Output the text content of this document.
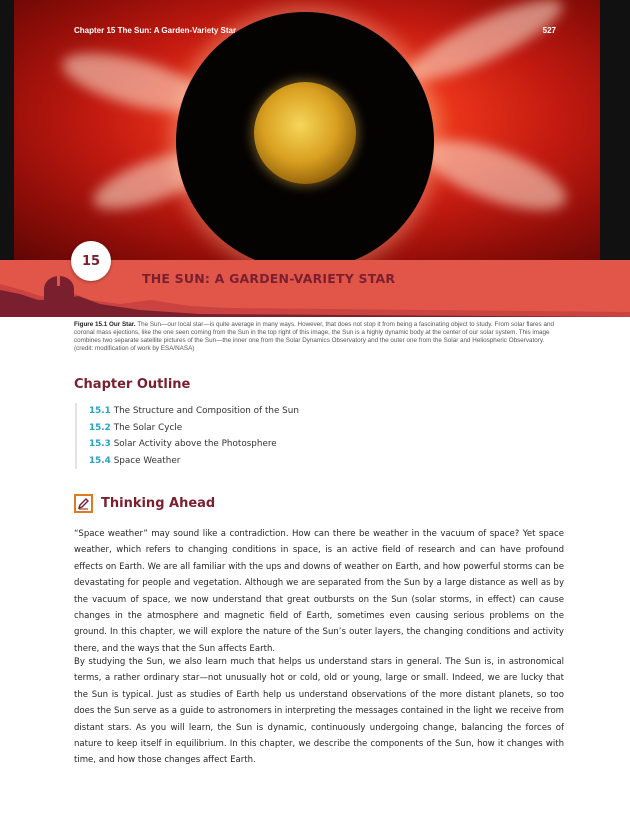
Chapter 15 The Sun: A Garden-Variety Star	527
15
THE SUN: A GARDEN-VARIETY STAR
Figure 15.1 Our Star. The Sun—our local star—is quite average in many ways. However, that does not stop it from being a fascinating object to study. From solar flares and coronal mass ejections, like the one seen coming from the Sun in the top right of this image, the Sun is a highly dynamic body at the center of our solar system. This image combines two separate satellite pictures of the Sun—the inner one from the Solar Dynamics Observatory and the outer one from the Solar and Heliospheric Observatory. (credit: modification of work by ESA/NASA)
Chapter Outline
15.1 The Structure and Composition of the Sun
15.2 The Solar Cycle
15.3 Solar Activity above the Photosphere
15.4 Space Weather
Thinking Ahead

“Space weather” may sound like a contradiction. How can there be weather in the vacuum of space? Yet space weather, which refers to changing conditions in space, is an active field of research and can have profound effects on Earth. We are all familiar with the ups and downs of weather on Earth, and how powerful storms can be devastating for people and vegetation. Although we are separated from the Sun by a large distance as well as by the vacuum of space, we now understand that great outbursts on the Sun (solar storms, in effect) can cause changes in the atmosphere and magnetic field of Earth, sometimes even causing serious problems on the ground. In this chapter, we will explore the nature of the Sun’s outer layers, the changing conditions and activity there, and the ways that the Sun affects Earth.

By studying the Sun, we also learn much that helps us understand stars in general. The Sun is, in astronomical terms, a rather ordinary star—not unusually hot or cold, old or young, large or small. Indeed, we are lucky that the Sun is typical. Just as studies of Earth help us understand observations of the more distant planets, so too does the Sun serve as a guide to astronomers in interpreting the messages contained in the light we receive from distant stars. As you will learn, the Sun is dynamic, continuously undergoing change, balancing the forces of nature to keep itself in equilibrium. In this chapter, we describe the components of the Sun, how it changes with time, and how those changes affect Earth.
